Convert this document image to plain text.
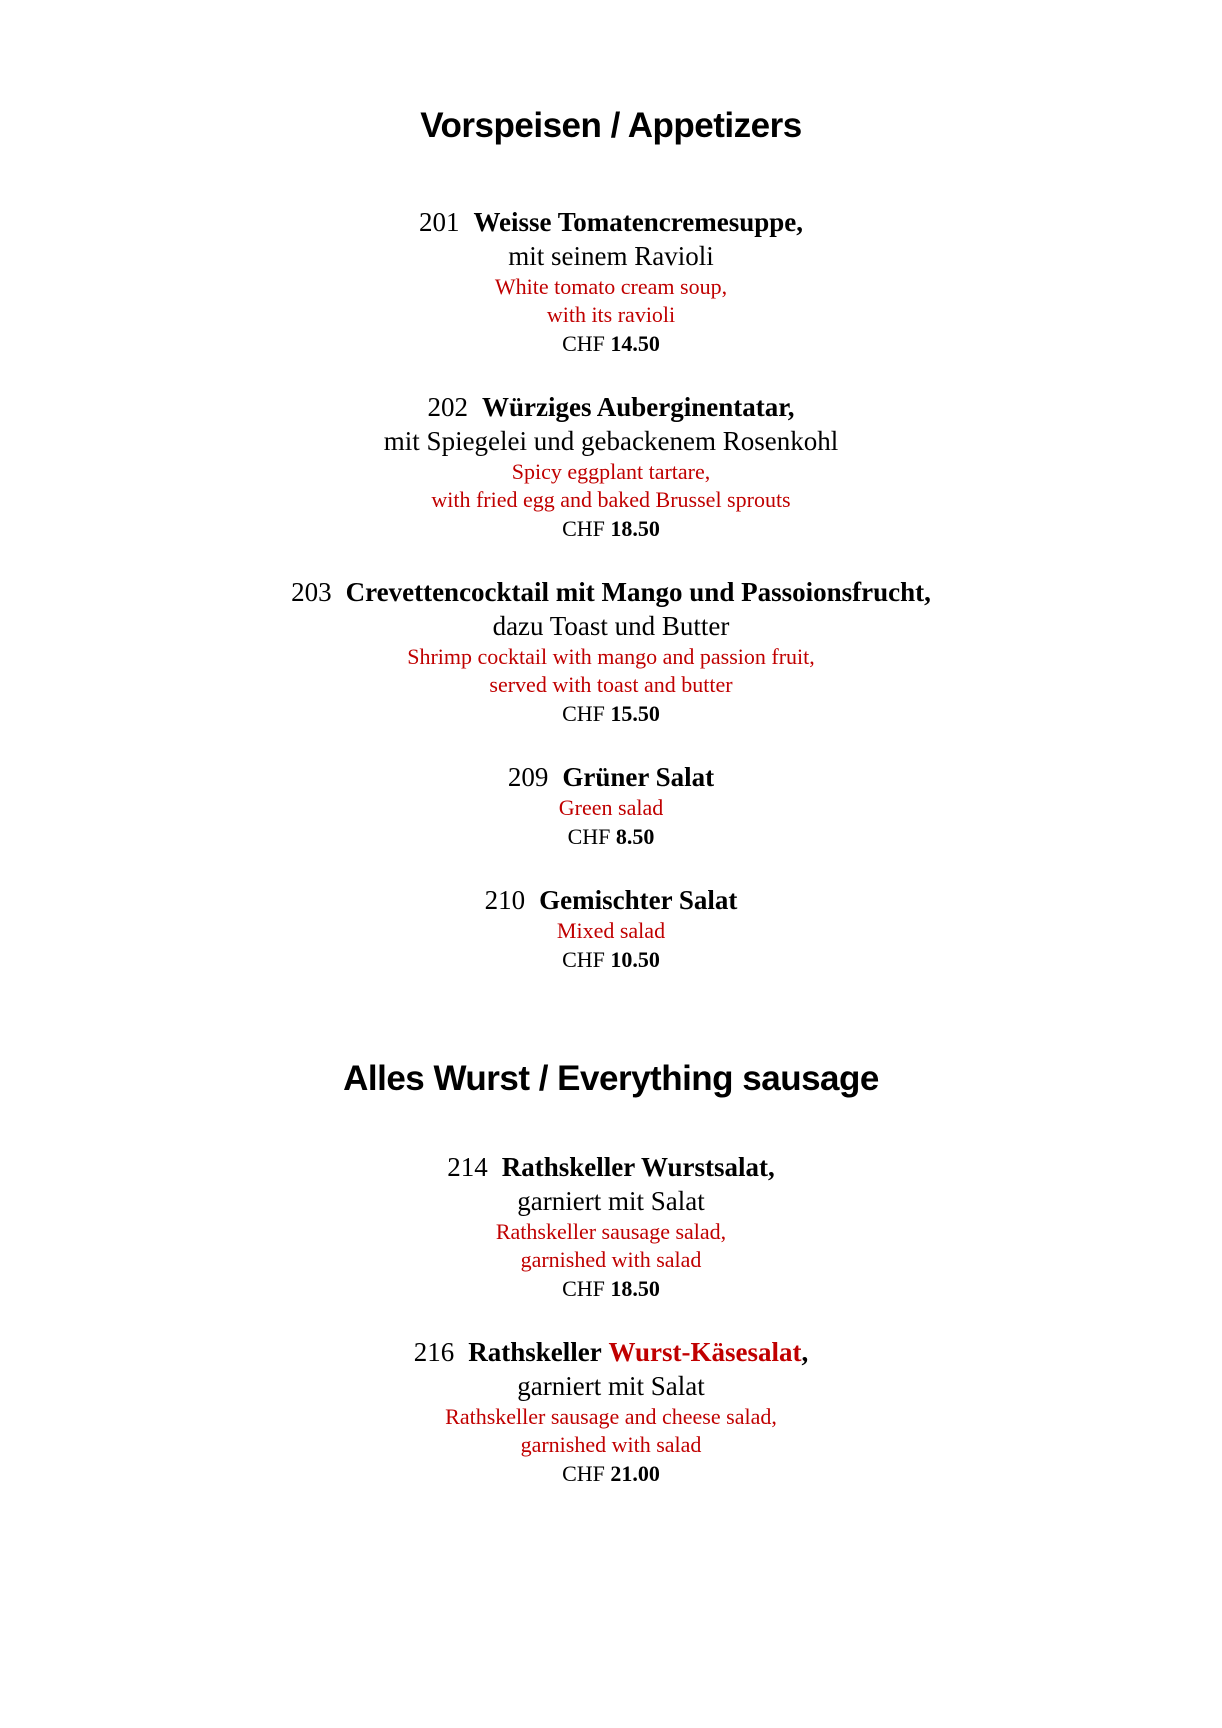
Vorspeisen / Appetizers
201 Weisse Tomatencremesuppe,
mit seinem Ravioli
White tomato cream soup,
with its ravioli
CHF 14.50
202 Würziges Auberginentatar,
mit Spiegelei und gebackenem Rosenkohl
Spicy eggplant tartare,
with fried egg and baked Brussel sprouts
CHF 18.50
203 Crevettencocktail mit Mango und Passoionsfrucht,
dazu Toast und Butter
Shrimp cocktail with mango and passion fruit,
served with toast and butter
CHF 15.50
209 Grüner Salat
Green salad
CHF 8.50
210 Gemischter Salat
Mixed salad
CHF 10.50
Alles Wurst / Everything sausage
214 Rathskeller Wurstsalat,
garniert mit Salat
Rathskeller sausage salad,
garnished with salad
CHF 18.50
216 Rathskeller Wurst-Käsesalat,
garniert mit Salat
Rathskeller sausage and cheese salad,
garnished with salad
CHF 21.00
